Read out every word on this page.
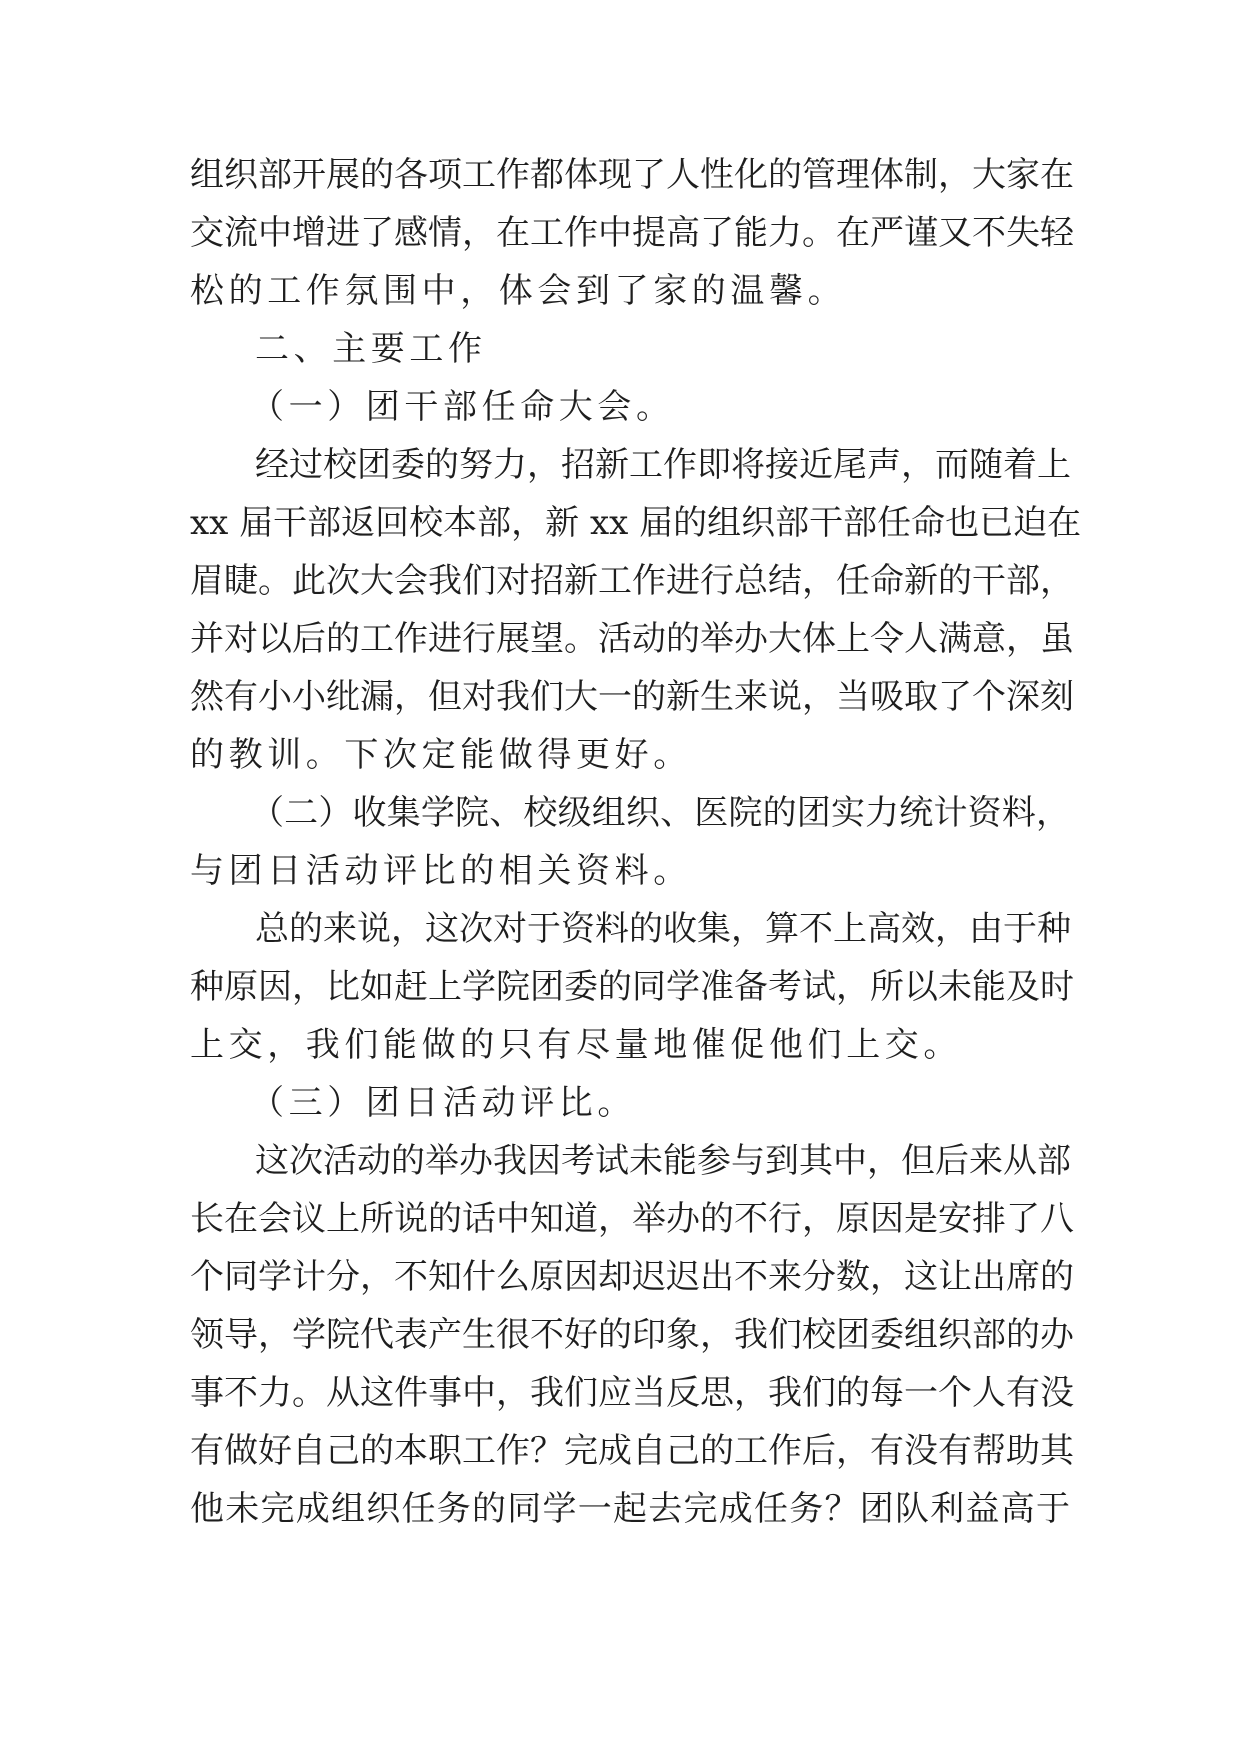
组织部开展的各项工作都体现了人性化的管理体制，大家在
交流中增进了感情，在工作中提高了能力。在严谨又不失轻
松的工作氛围中，体会到了家的温馨。
二、主要工作
（一）团干部任命大会。
经过校团委的努力，招新工作即将接近尾声，而随着上
xx 届干部返回校本部，新 xx 届的组织部干部任命也已迫在
眉睫。此次大会我们对招新工作进行总结，任命新的干部，
并对以后的工作进行展望。活动的举办大体上令人满意，虽
然有小小纰漏，但对我们大一的新生来说，当吸取了个深刻
的教训。下次定能做得更好。
（二）收集学院、校级组织、医院的团实力统计资料，
与团日活动评比的相关资料。
总的来说，这次对于资料的收集，算不上高效，由于种
种原因，比如赶上学院团委的同学准备考试，所以未能及时
上交，我们能做的只有尽量地催促他们上交。
（三）团日活动评比。
这次活动的举办我因考试未能参与到其中，但后来从部
长在会议上所说的话中知道，举办的不行，原因是安排了八
个同学计分，不知什么原因却迟迟出不来分数，这让出席的
领导，学院代表产生很不好的印象，我们校团委组织部的办
事不力。从这件事中，我们应当反思，我们的每一个人有没
有做好自己的本职工作？完成自己的工作后，有没有帮助其
他未完成组织任务的同学一起去完成任务？团队利益高于
